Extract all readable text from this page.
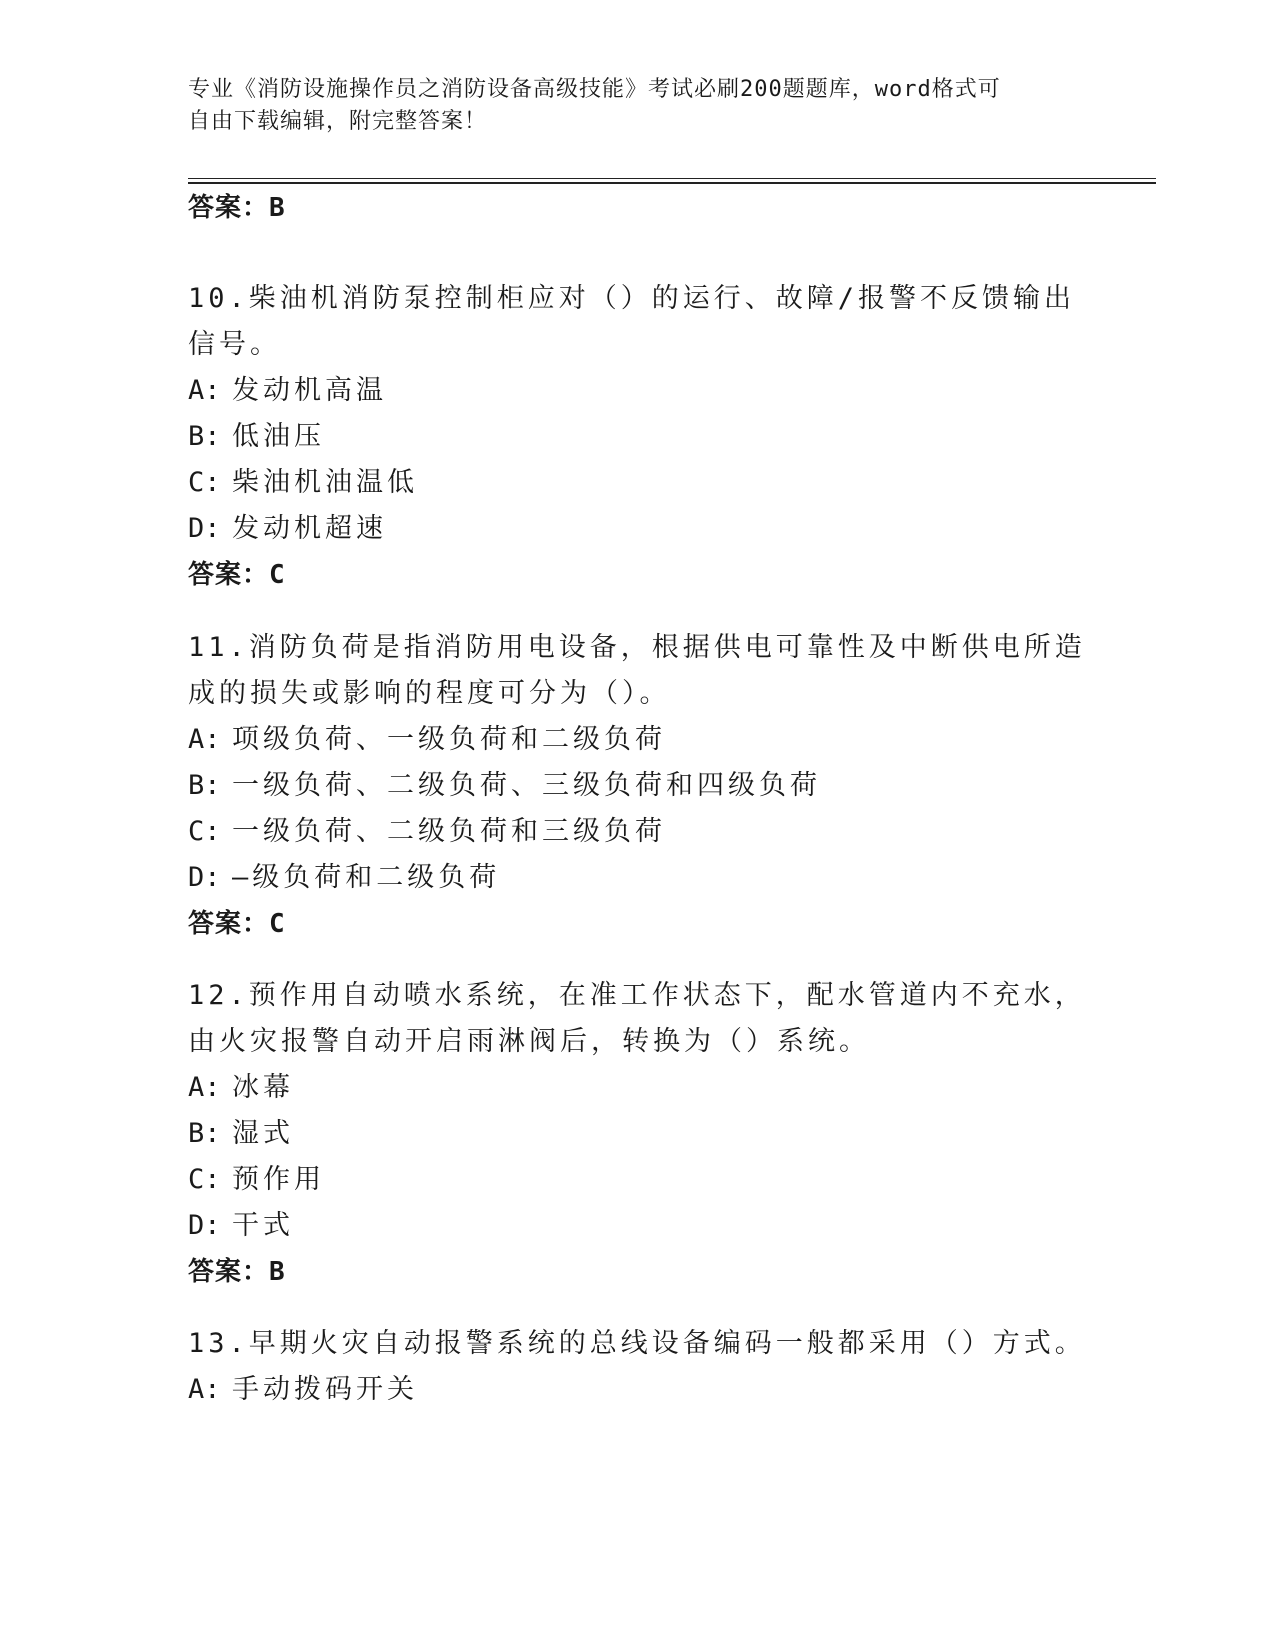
专业《消防设施操作员之消防设备高级技能》考试必刷200题题库，word格式可
自由下载编辑，附完整答案！
答案：B
10.柴油机消防泵控制柜应对（）的运行、故障/报警不反馈输出信号。
A: 发动机高温
B: 低油压
C: 柴油机油温低
D: 发动机超速
答案：C
11.消防负荷是指消防用电设备，根据供电可靠性及中断供电所造成的损失或影响的程度可分为（）。
A: 项级负荷、一级负荷和二级负荷
B: 一级负荷、二级负荷、三级负荷和四级负荷
C: 一级负荷、二级负荷和三级负荷
D: —级负荷和二级负荷
答案：C
12.预作用自动喷水系统，在准工作状态下，配水管道内不充水，由火灾报警自动开启雨淋阀后，转换为（）系统。
A: 冰幕
B: 湿式
C: 预作用
D: 干式
答案：B
13.早期火灾自动报警系统的总线设备编码一般都采用（）方式。
A: 手动拨码开关
